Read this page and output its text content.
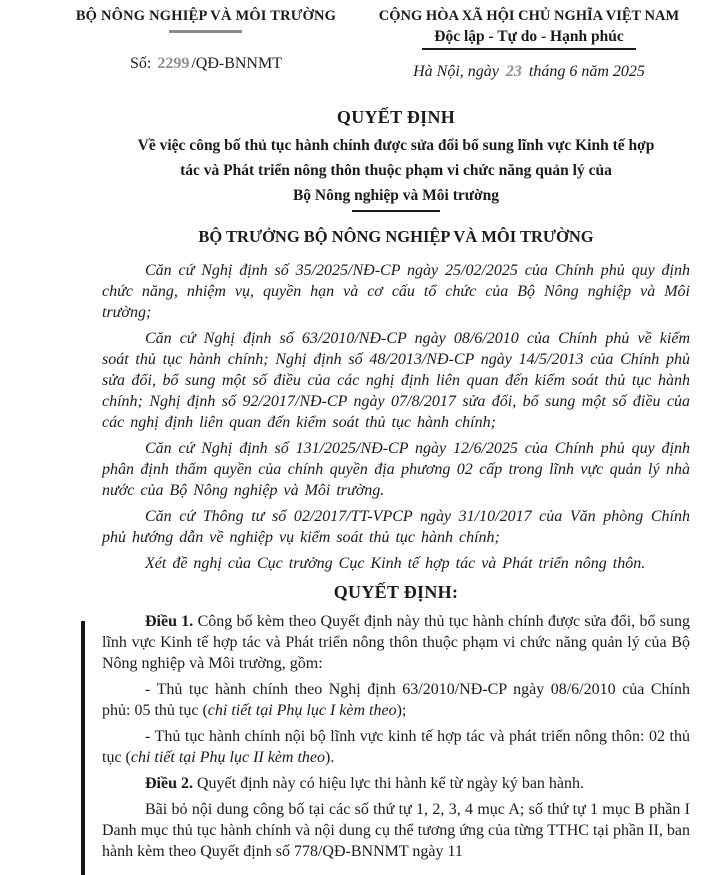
BỘ NÔNG NGHIỆP VÀ MÔI TRƯỜNG
Số: 2299 /QĐ-BNNMT
CỘNG HÒA XÃ HỘI CHỦ NGHĨA VIỆT NAM
Độc lập - Tự do - Hạnh phúc
Hà Nội, ngày 23 tháng 6 năm 2025
QUYẾT ĐỊNH
Về việc công bố thủ tục hành chính được sửa đổi bổ sung lĩnh vực Kinh tế hợp
tác và Phát triển nông thôn thuộc phạm vi chức năng quản lý của
Bộ Nông nghiệp và Môi trường
BỘ TRƯỞNG BỘ NÔNG NGHIỆP VÀ MÔI TRƯỜNG

Căn cứ Nghị định số 35/2025/NĐ-CP ngày 25/02/2025 của Chính phủ quy định chức năng, nhiệm vụ, quyền hạn và cơ cấu tổ chức của Bộ Nông nghiệp và Môi trường;

Căn cứ Nghị định số 63/2010/NĐ-CP ngày 08/6/2010 của Chính phủ về kiểm soát thủ tục hành chính; Nghị định số 48/2013/NĐ-CP ngày 14/5/2013 của Chính phủ sửa đổi, bổ sung một số điều của các nghị định liên quan đến kiểm soát thủ tục hành chính; Nghị định số 92/2017/NĐ-CP ngày 07/8/2017 sửa đổi, bổ sung một số điều của các nghị định liên quan đến kiểm soát thủ tục hành chính;

Căn cứ Nghị định số 131/2025/NĐ-CP ngày 12/6/2025 của Chính phủ quy định phân định thẩm quyền của chính quyền địa phương 02 cấp trong lĩnh vực quản lý nhà nước của Bộ Nông nghiệp và Môi trường.

Căn cứ Thông tư số 02/2017/TT-VPCP ngày 31/10/2017 của Văn phòng Chính phủ hướng dẫn về nghiệp vụ kiểm soát thủ tục hành chính;

Xét đề nghị của Cục trưởng Cục Kinh tế hợp tác và Phát triển nông thôn.

QUYẾT ĐỊNH:

Điều 1. Công bố kèm theo Quyết định này thủ tục hành chính được sửa đổi, bổ sung lĩnh vực Kinh tế hợp tác và Phát triển nông thôn thuộc phạm vi chức năng quản lý của Bộ Nông nghiệp và Môi trường, gồm:

- Thủ tục hành chính theo Nghị định 63/2010/NĐ-CP ngày 08/6/2010 của Chính phủ: 05 thủ tục (chi tiết tại Phụ lục I kèm theo);

- Thủ tục hành chính nội bộ lĩnh vực kinh tế hợp tác và phát triển nông thôn: 02 thủ tục (chi tiết tại Phụ lục II kèm theo).

Điều 2. Quyết định này có hiệu lực thi hành kể từ ngày ký ban hành.

Bãi bỏ nội dung công bố tại các số thứ tự 1, 2, 3, 4 mục A; số thứ tự 1 mục B phần I Danh mục thủ tục hành chính và nội dung cụ thể tương ứng của từng TTHC tại phần II, ban hành kèm theo Quyết định số 778/QĐ-BNNMT ngày 11
